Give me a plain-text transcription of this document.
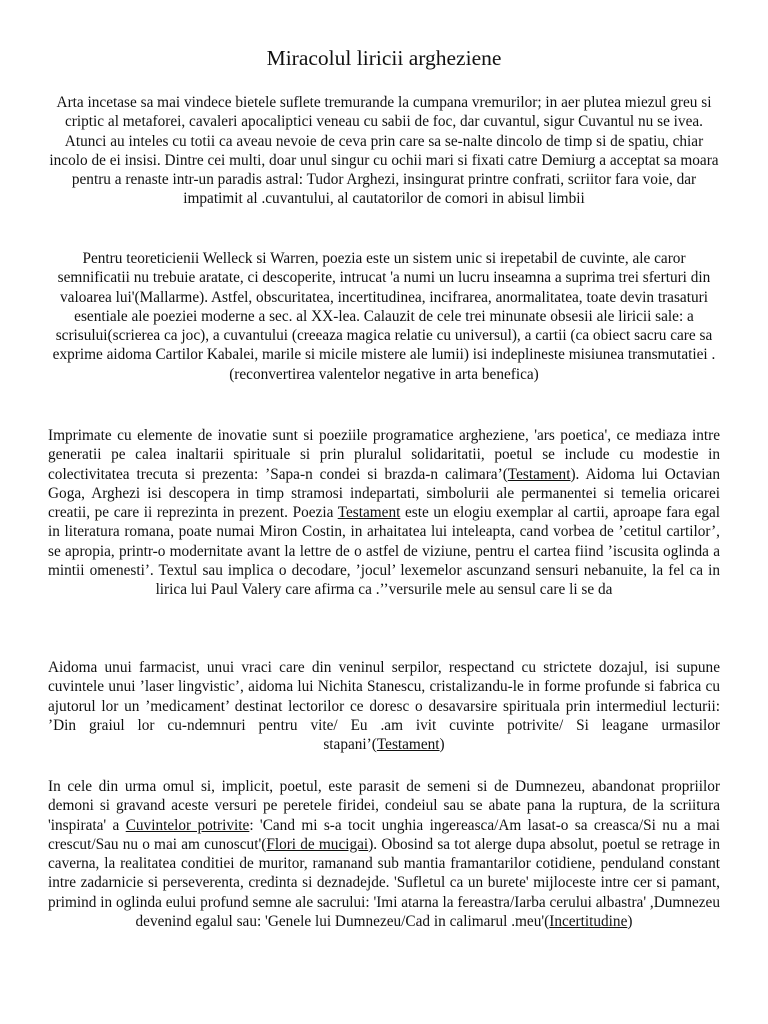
Miracolul liricii argheziene

Arta incetase sa mai vindece bietele suflete tremurande la cumpana vremurilor; in aer plutea miezul greu si criptic al metaforei, cavaleri apocaliptici veneau cu sabii de foc, dar cuvantul, sigur Cuvantul nu se ivea. Atunci au inteles cu totii ca aveau nevoie de ceva prin care sa se-nalte dincolo de timp si de spatiu, chiar incolo de ei insisi. Dintre cei multi, doar unul singur cu ochii mari si fixati catre Demiurg a acceptat sa moara pentru a renaste intr-un paradis astral: Tudor Arghezi, insingurat printre confrati, scriitor fara voie, dar impatimit al .cuvantului, al cautatorilor de comori in abisul limbii

Pentru teoreticienii Welleck si Warren, poezia este un sistem unic si irepetabil de cuvinte, ale caror semnificatii nu trebuie aratate, ci descoperite, intrucat 'a numi un lucru inseamna a suprima trei sferturi din valoarea lui'(Mallarme). Astfel, obscuritatea, incertitudinea, incifrarea, anormalitatea, toate devin trasaturi esentiale ale poeziei moderne a sec. al XX-lea. Calauzit de cele trei minunate obsesii ale liricii sale: a scrisului(scrierea ca joc), a cuvantului (creeaza magica relatie cu universul), a cartii (ca obiect sacru care sa exprime aidoma Cartilor Kabalei, marile si micile mistere ale lumii) isi indeplineste misiunea transmutatiei .(reconvertirea valentelor negative in arta benefica)

Imprimate cu elemente de inovatie sunt si poeziile programatice argheziene, 'ars poetica', ce mediaza intre generatii pe calea inaltarii spirituale si prin pluralul solidaritatii, poetul se include cu modestie in colectivitatea trecuta si prezenta: ’Sapa-n condei si brazda-n calimara’(Testament). Aidoma lui Octavian Goga, Arghezi isi descopera in timp stramosi indepartati, simbolurii ale permanentei si temelia oricarei creatii, pe care ii reprezinta in prezent. Poezia Testament este un elogiu exemplar al cartii, aproape fara egal in literatura romana, poate numai Miron Costin, in arhaitatea lui inteleapta, cand vorbea de ’cetitul cartilor’, se apropia, printr-o modernitate avant la lettre de o astfel de viziune, pentru el cartea fiind ’iscusita oglinda a mintii omenesti’. Textul sau implica o decodare, ’jocul’ lexemelor ascunzand sensuri nebanuite, la fel ca in lirica lui Paul Valery care afirma ca .’’versurile mele au sensul care li se da

Aidoma unui farmacist, unui vraci care din veninul serpilor, respectand cu strictete dozajul, isi supune cuvintele unui ’laser lingvistic’, aidoma lui Nichita Stanescu, cristalizandu-le in forme profunde si fabrica cu ajutorul lor un ’medicament’ destinat lectorilor ce doresc o desavarsire spirituala prin intermediul lecturii: ’Din graiul lor cu-ndemnuri pentru vite/ Eu .am ivit cuvinte potrivite/ Si leagane urmasilor stapani’(Testament)

In cele din urma omul si, implicit, poetul, este parasit de semeni si de Dumnezeu, abandonat propriilor demoni si gravand aceste versuri pe peretele firidei, condeiul sau se abate pana la ruptura, de la scriitura 'inspirata' a Cuvintelor potrivite: 'Cand mi s-a tocit unghia ingereasca/Am lasat-o sa creasca/Si nu a mai crescut/Sau nu o mai am cunoscut'(Flori de mucigai). Obosind sa tot alerge dupa absolut, poetul se retrage in caverna, la realitatea conditiei de muritor, ramanand sub mantia framantarilor cotidiene, penduland constant intre zadarnicie si perseverenta, credinta si deznadejde. 'Sufletul ca un burete' mijloceste intre cer si pamant, primind in oglinda eului profund semne ale sacrului: 'Imi atarna la fereastra/Iarba cerului albastra' ,Dumnezeu devenind egalul sau: 'Genele lui Dumnezeu/Cad in calimarul .meu'(Incertitudine)
